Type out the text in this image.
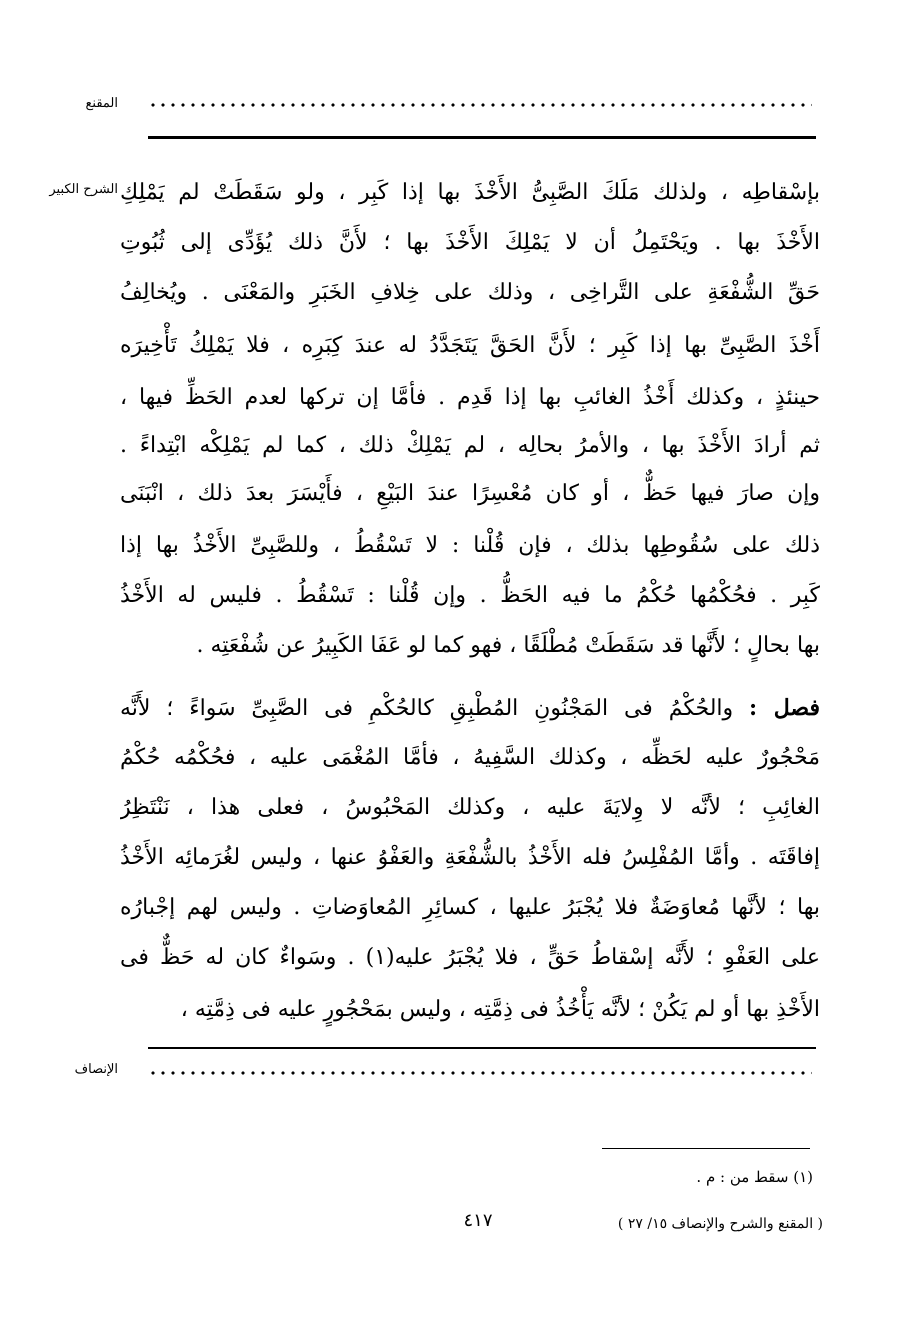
المقنع
الشرح الكبير بإسْقاطِه ، ولذلك مَلَكَ الصَّبِىُّ الأَخْذَ بها إذا كَبِر ، ولو سَقَطَتْ لم يَمْلِكِ
الأَخْذَ بها . ويَحْتَمِلُ أن لا يَمْلِكَ الأَخْذَ بها ؛ لأَنَّ ذلك يُؤَدِّى إلى ثُبُوتِ
حَقِّ الشُّفْعَةِ على التَّراخِى ، وذلك على خِلافِ الخَبَرِ والمَعْنَى . ويُخالِفُ
أَخْذَ الصَّبِىِّ بها إذا كَبِر ؛ لأَنَّ الحَقَّ يَتَجَدَّدُ له عندَ كِبَرِه ، فلا يَمْلِكُ تَأْخِيرَه
حينئذٍ ، وكذلك أَخْذُ الغائبِ بها إذا قَدِم . فأمَّا إن تركها لعدم الحَظِّ فيها ،
ثم أرادَ الأَخْذَ بها ، والأمرُ بحالِه ، لم يَمْلِكْ ذلك ، كما لم يَمْلِكْه ابْتِداءً .
وإن صارَ فيها حَظٌّ ، أو كان مُعْسِرًا عندَ البَيْعِ ، فأَيْسَرَ بعدَ ذلك ، انْبَنَى
ذلك على سُقُوطِها بذلك ، فإن قُلْنا : لا تَسْقُطُ ، وللصَّبِىِّ الأَخْذُ بها إذا
كَبِر . فحُكْمُها حُكْمُ ما فيه الحَظُّ . وإن قُلْنا : تَسْقُطُ . فليس له الأَخْذُ
بها بحالٍ ؛ لأَنَّها قد سَقَطَتْ مُطْلَقًا ، فهو كما لو عَفَا الكَبِيرُ عن شُفْعَتِه .
فصل : والحُكْمُ فى المَجْنُونِ المُطْبِقِ كالحُكْمِ فى الصَّبِىِّ سَواءً ؛ لأَنَّه
مَحْجُورٌ عليه لحَظِّه ، وكذلك السَّفِيهُ ، فأمَّا المُغْمَى عليه ، فحُكْمُه حُكْمُ
الغائِبِ ؛ لأنَّه لا وِلايَةَ عليه ، وكذلك المَحْبُوسُ ، فعلى هذا ، نَنْتَظِرُ
إفاقَتَه . وأمَّا المُفْلِسُ فله الأَخْذُ بالشُّفْعَةِ والعَفْوُ عنها ، وليس لغُرَمائِه الأَخْذُ
بها ؛ لأنَّها مُعاوَضَةٌ فلا يُجْبَرُ عليها ، كسائِرِ المُعاوَضاتِ . وليس لهم إجْبارُه
على العَفْوِ ؛ لأَنَّه إسْقاطُ حَقٍّ ، فلا يُجْبَرُ عليه(١) . وسَواءٌ كان له حَظٌّ فى
الأَخْذِ بها أو لم يَكُنْ ؛ لأنَّه يَأْخُذُ فى ذِمَّتِه ، وليس بمَحْجُورٍ عليه فى ذِمَّتِه ،
الإنصاف
(١) سقط من : م .
٤١٧	( المقنع والشرح والإنصاف ١٥/ ٢٧ )
